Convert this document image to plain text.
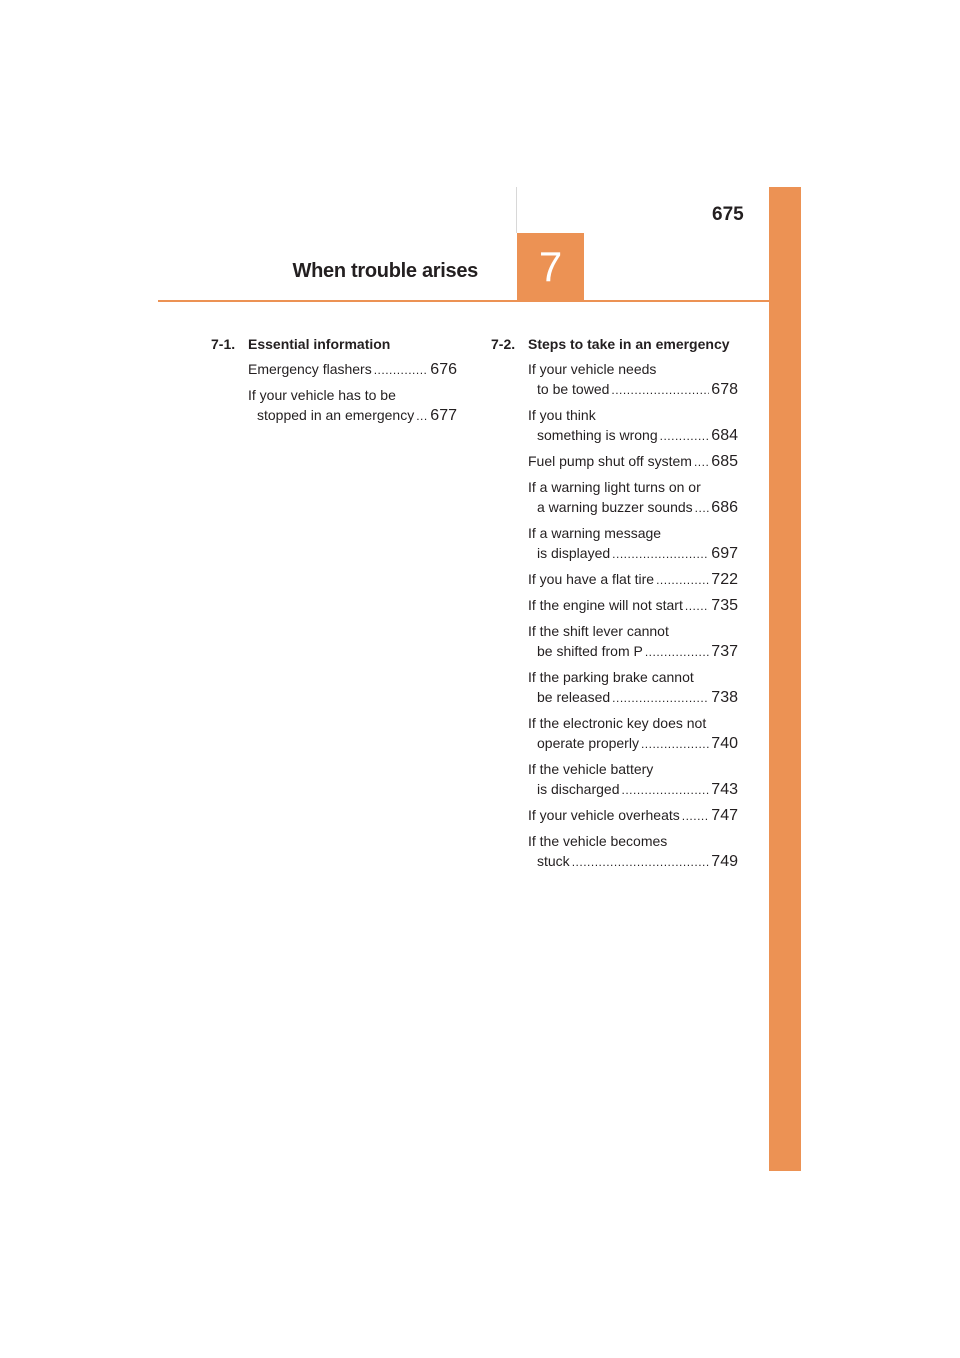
675
When trouble arises 7
7-1. Essential information
Emergency flashers .....	676
If your vehicle has to be
stopped in an emergency ..... 677
7-2. Steps to take in an emergency
If your vehicle needs
to be towed .....	678
If you think
something is wrong .....	684
Fuel pump shut off system ..... 685
If a warning light turns on or
a warning buzzer sounds ..... 686
If a warning message
is displayed .....	697
If you have a flat tire .....	722
If the engine will not start ..... 735
If the shift lever cannot
be shifted from P .....	737
If the parking brake cannot
be released .....	738
If the electronic key does not
operate properly .....	740
If the vehicle battery
is discharged .....	743
If your vehicle overheats ..... 747
If the vehicle becomes
stuck .....	749
